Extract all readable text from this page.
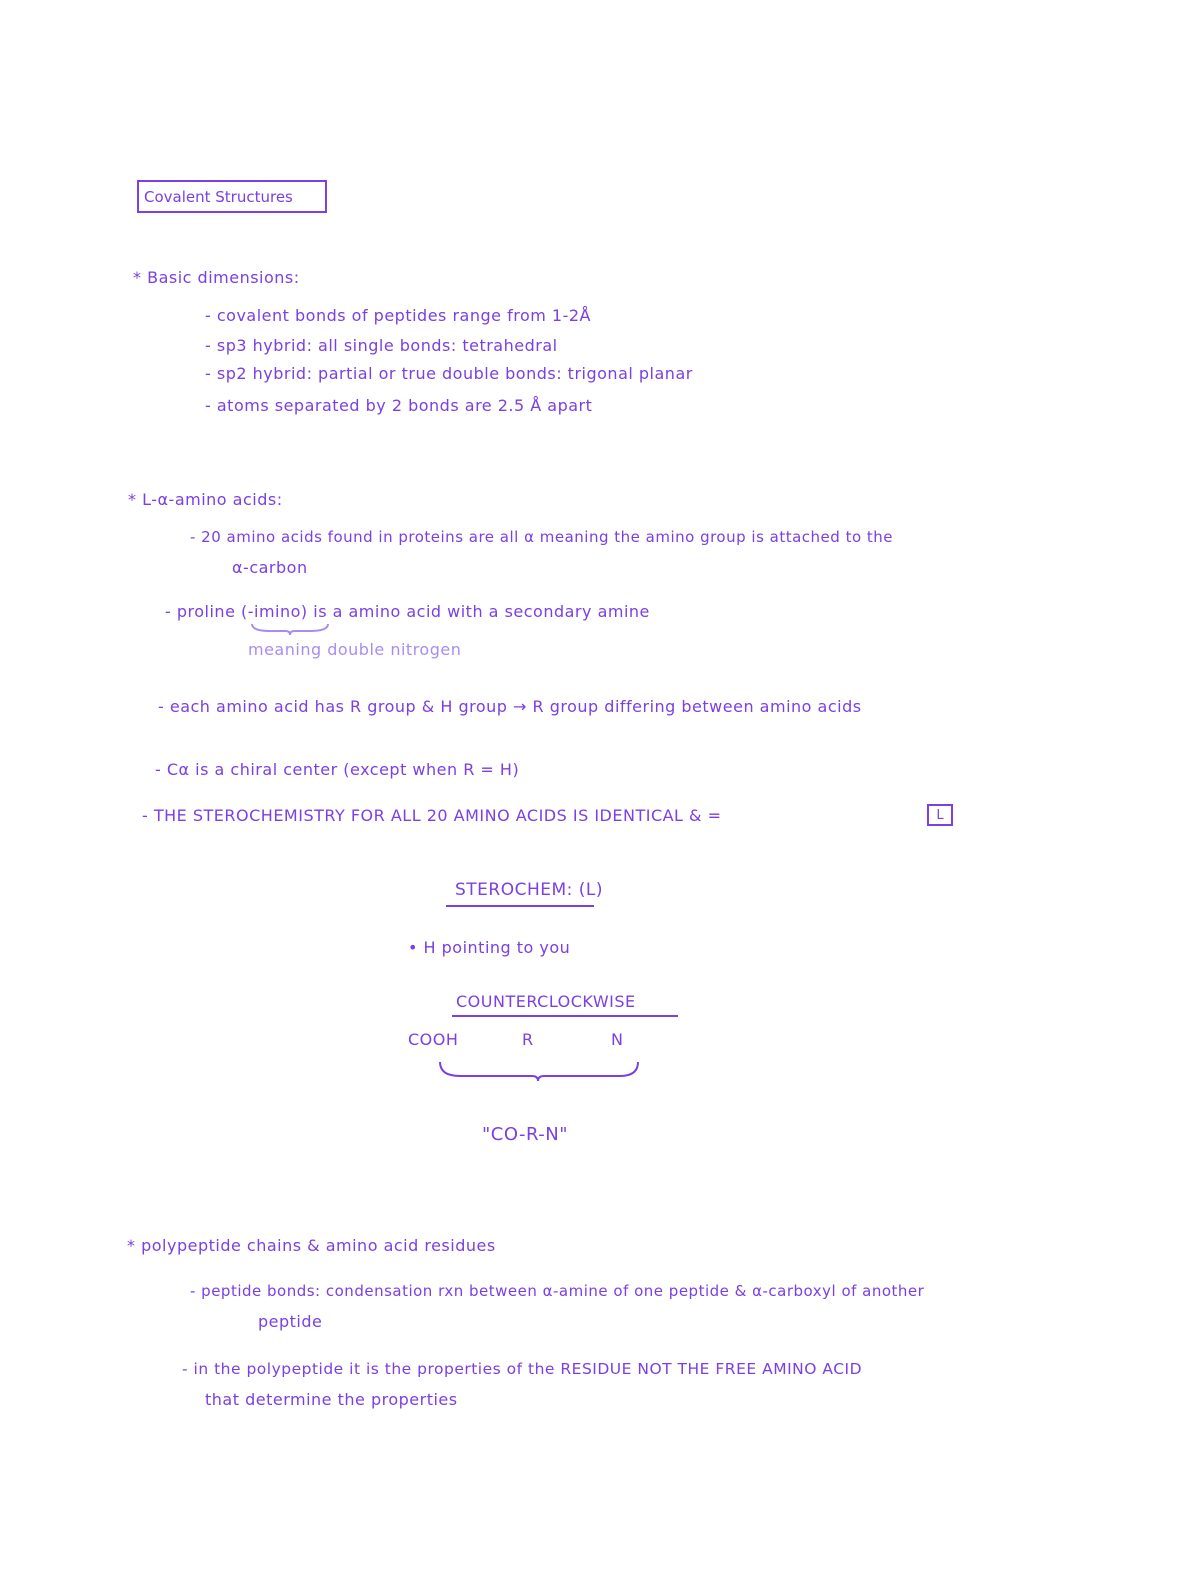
Covalent Structures
* Basic dimensions:
- covalent bonds of peptides range from 1-2Å
- sp3 hybrid: all single bonds: tetrahedral
- sp2 hybrid: partial or true double bonds: trigonal planar
- atoms separated by 2 bonds are 2.5 Å apart
* L-α-amino acids:
- 20 amino acids found in proteins are all α meaning the amino group is attached to the
α-carbon
- proline (-imino) is a amino acid with a secondary amine
meaning double nitrogen
- each amino acid has R group & H group → R group differing between amino acids
- Cα is a chiral center (except when R = H)
- THE STEROCHEMISTRY FOR ALL 20 AMINO ACIDS IS IDENTICAL & =	L
STEROCHEM: (L)
• H pointing to you
COUNTERCLOCKWISE
COOH	R	N
"CO-R-N"
* polypeptide chains & amino acid residues
- peptide bonds: condensation rxn between α-amine of one peptide & α-carboxyl of another
peptide
- in the polypeptide it is the properties of the RESIDUE NOT THE FREE AMINO ACID
that determine the properties
